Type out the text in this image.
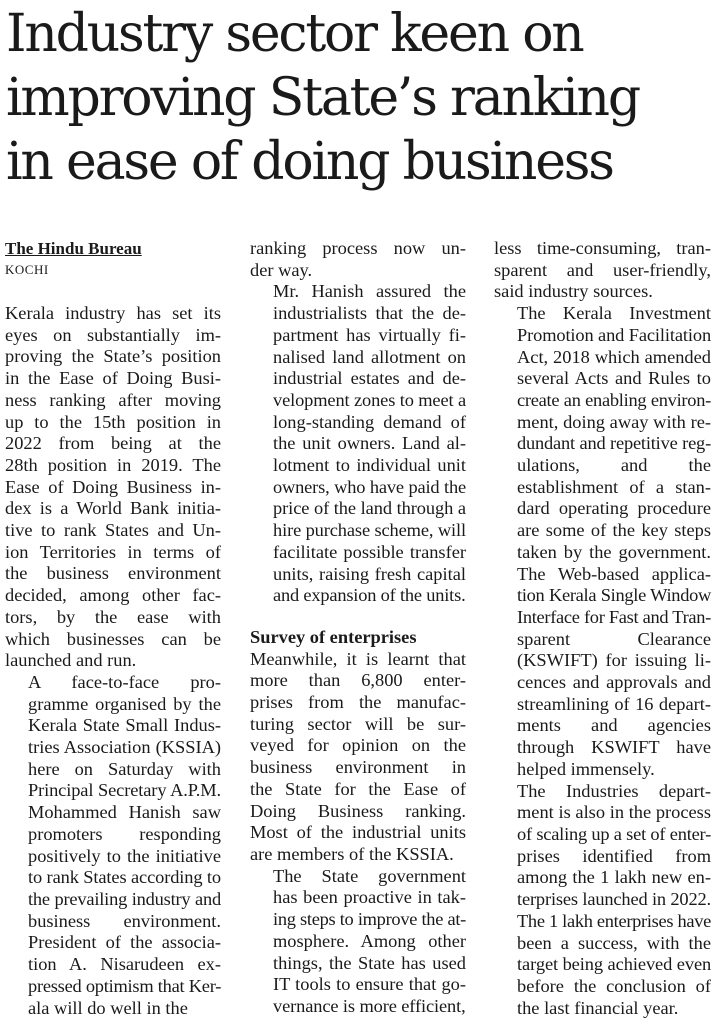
Industry sector keen on
improving State’s ranking
in ease of doing business

The Hindu Bureau

KOCHI

Kerala industry has set its
eyes on substantially im-
proving the State’s position
in the Ease of Doing Busi-
ness ranking after moving
up to the 15th position in
2022 from being at the
28th position in 2019. The
Ease of Doing Business in-
dex is a World Bank initia-
tive to rank States and Un-
ion Territories in terms of
the business environment
decided, among other fac-
tors, by the ease with
which businesses can be
launched and run.

A face-to-face pro-
gramme organised by the
Kerala State Small Indus-
tries Association (KSSIA)
here on Saturday with
Principal Secretary A.P.M.
Mohammed Hanish saw
promoters responding
positively to the initiative
to rank States according to
the prevailing industry and
business environment.
President of the associa-
tion A. Nisarudeen ex-
pressed optimism that Ker-
ala will do well in the

ranking process now un-
der way.

Mr. Hanish assured the
industrialists that the de-
partment has virtually fi-
nalised land allotment on
industrial estates and de-
velopment zones to meet a
long-standing demand of
the unit owners. Land al-
lotment to individual unit
owners, who have paid the
price of the land through a
hire purchase scheme, will
facilitate possible transfer
units, raising fresh capital
and expansion of the units.

Survey of enterprises

Meanwhile, it is learnt that
more than 6,800 enter-
prises from the manufac-
turing sector will be sur-
veyed for opinion on the
business environment in
the State for the Ease of
Doing Business ranking.
Most of the industrial units
are members of the KSSIA.

The State government
has been proactive in tak-
ing steps to improve the at-
mosphere. Among other
things, the State has used
IT tools to ensure that go-
vernance is more efficient,

less time-consuming, tran-
sparent and user-friendly,
said industry sources.

The Kerala Investment
Promotion and Facilitation
Act, 2018 which amended
several Acts and Rules to
create an enabling environ-
ment, doing away with re-
dundant and repetitive reg-
ulations, and the
establishment of a stan-
dard operating procedure
are some of the key steps
taken by the government.
The Web-based applica-
tion Kerala Single Window
Interface for Fast and Tran-
sparent Clearance
(KSWIFT) for issuing li-
cences and approvals and
streamlining of 16 depart-
ments and agencies
through KSWIFT have
helped immensely.

The Industries depart-
ment is also in the process
of scaling up a set of enter-
prises identified from
among the 1 lakh new en-
terprises launched in 2022.
The 1 lakh enterprises have
been a success, with the
target being achieved even
before the conclusion of
the last financial year.
